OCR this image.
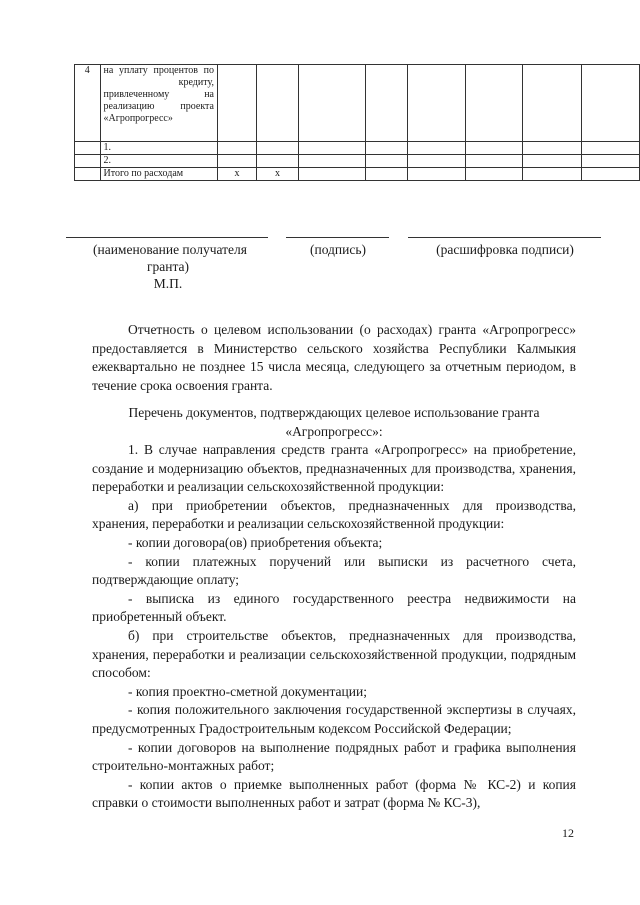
4	на уплату процентов по
кредиту,
привлеченному на
реализацию проекта
«Агропрогресс»								

	1.								
	2.								
	Итого по расходам	x	x						
(наименование получателя
гранта)
М.П.
(подпись)	(расшифровка подписи)
Отчетность о целевом использовании (о расходах) гранта «Агропрогресс» предоставляется в Министерство сельского хозяйства Республики Калмыкия ежеквартально не позднее 15 числа месяца, следующего за отчетным периодом, в течение срока освоения гранта.
Перечень документов, подтверждающих целевое использование гранта
«Агропрогресс»:
1. В случае направления средств гранта «Агропрогресс» на приобретение, создание и модернизацию объектов, предназначенных для производства, хранения, переработки и реализации сельскохозяйственной продукции:
а) при приобретении объектов, предназначенных для производства, хранения, переработки и реализации сельскохозяйственной продукции:
- копии договора(ов) приобретения объекта;
- копии платежных поручений или выписки из расчетного счета, подтверждающие оплату;
- выписка из единого государственного реестра недвижимости на приобретенный объект.
б) при строительстве объектов, предназначенных для производства, хранения, переработки и реализации сельскохозяйственной продукции, подрядным способом:
- копия проектно-сметной документации;
- копия положительного заключения государственной экспертизы в случаях, предусмотренных Градостроительным кодексом Российской Федерации;
- копии договоров на выполнение подрядных работ и графика выполнения строительно-монтажных работ;
- копии актов о приемке выполненных работ (форма № КС-2) и копия справки о стоимости выполненных работ и затрат (форма № КС-3),
12
